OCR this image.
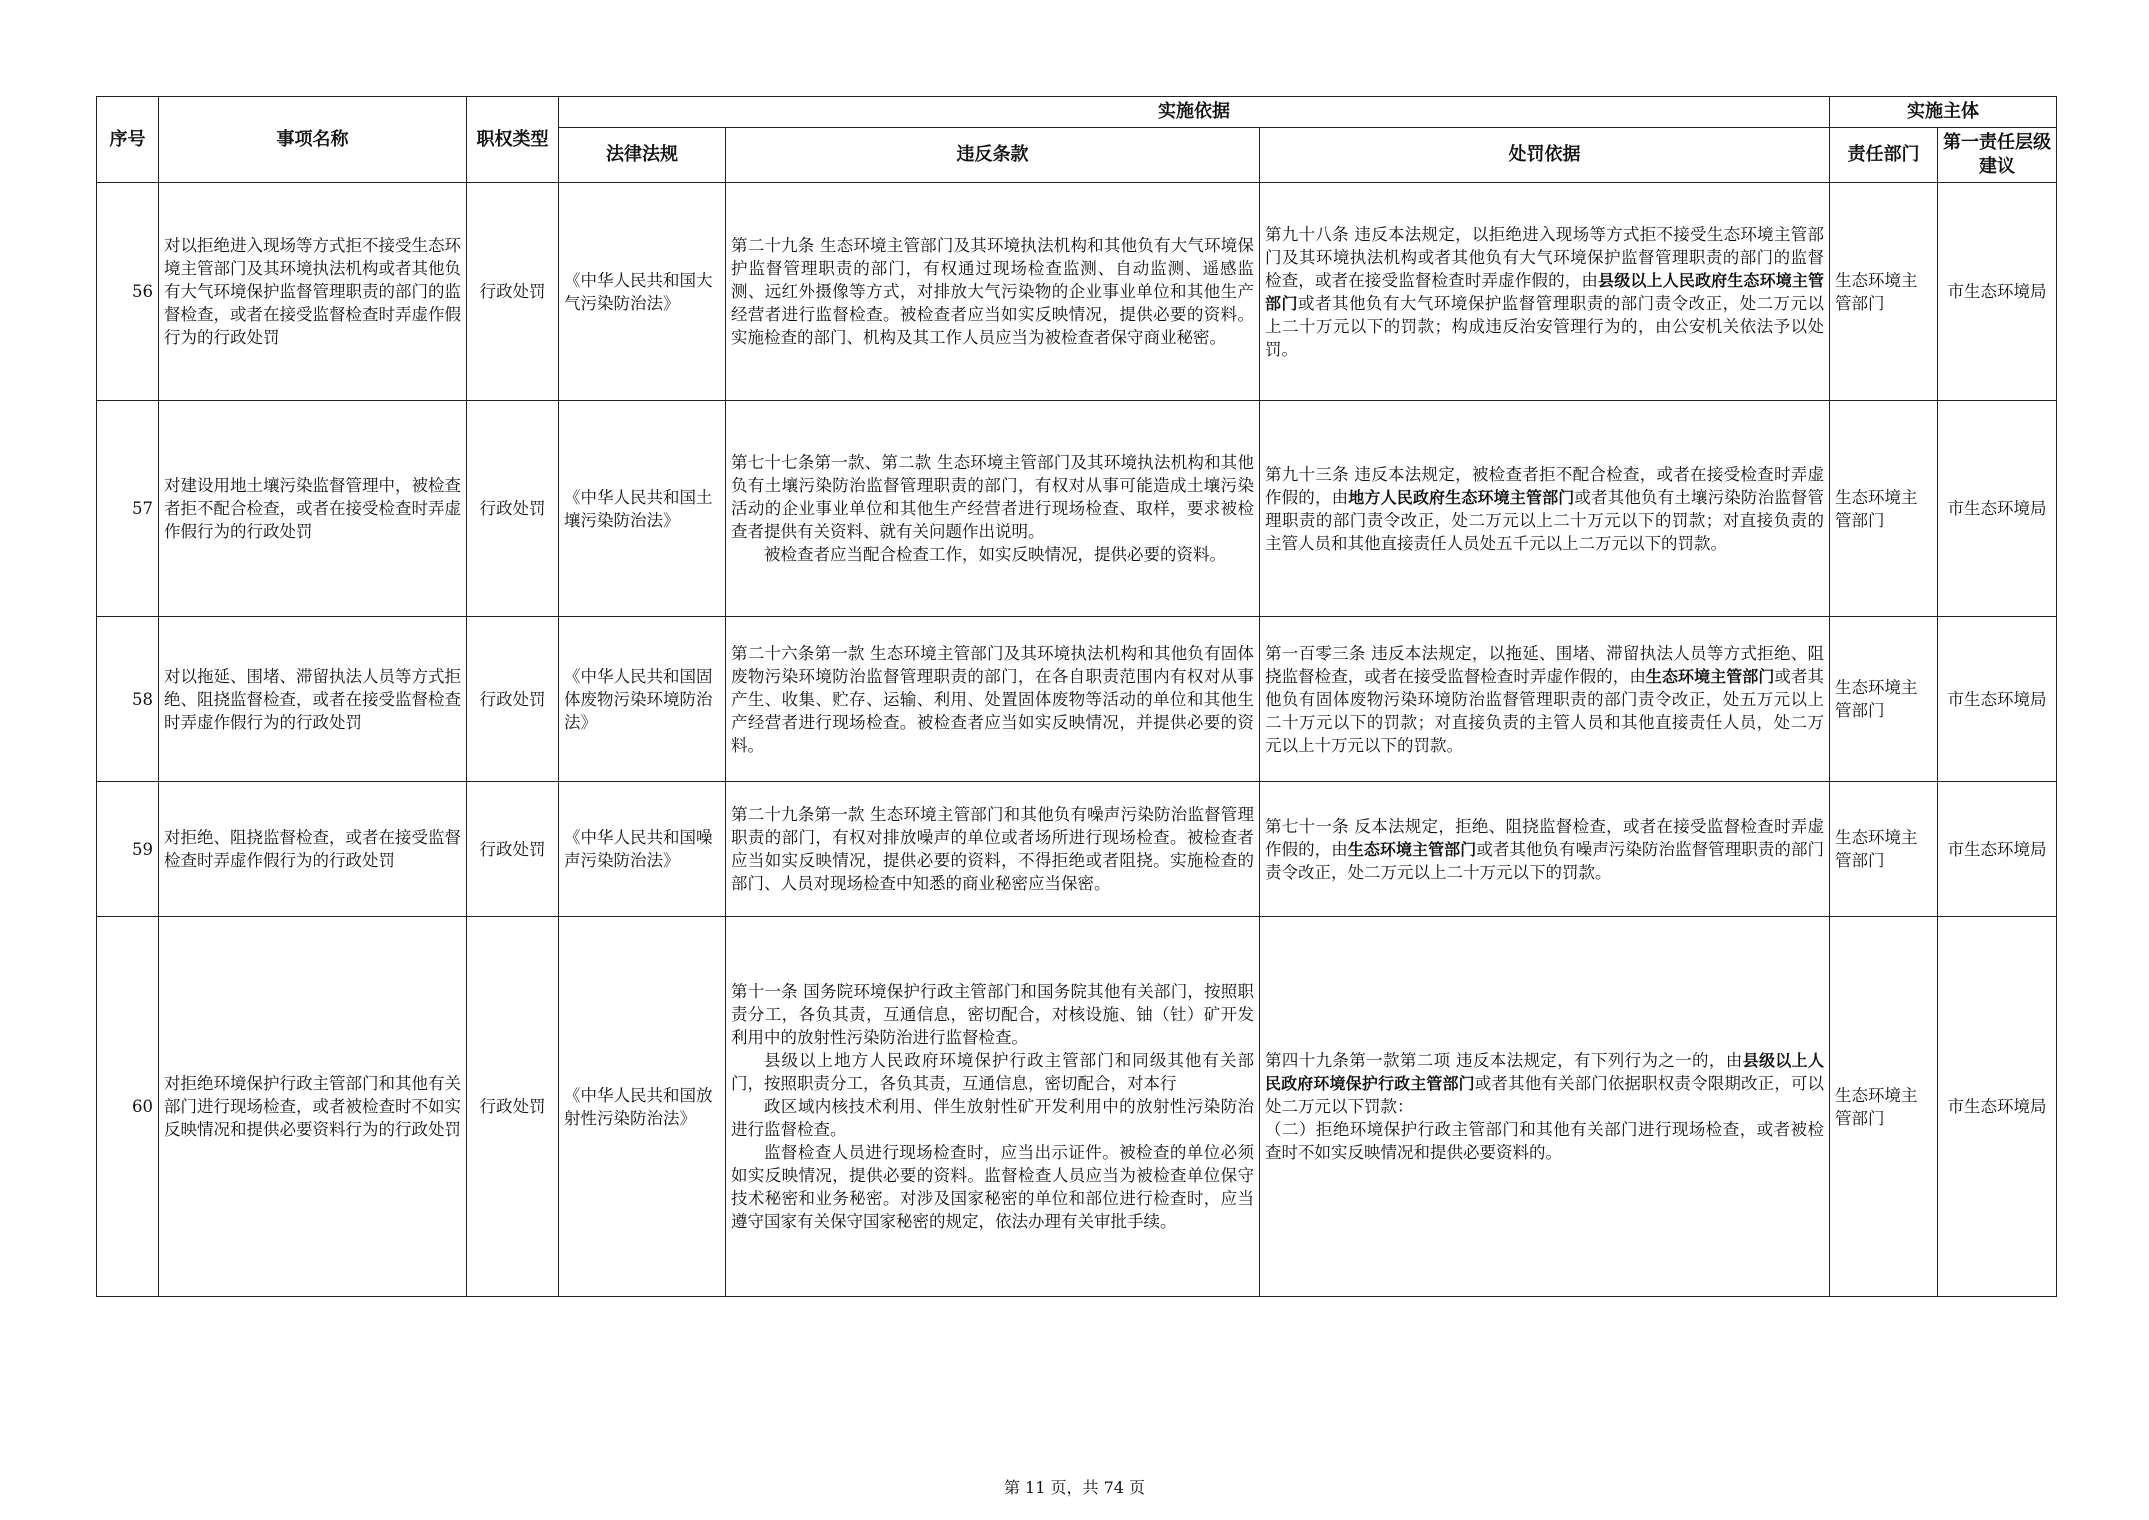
序号	事项名称	职权类型	实施依据			实施主体	
			法律法规	违反条款	处罚依据	责任部门	第一责任层级建议
56	对以拒绝进入现场等方式拒不接受生态环境主管部门及其环境执法机构或者其他负有大气环境保护监督管理职责的部门的监督检查，或者在接受监督检查时弄虚作假行为的行政处罚	行政处罚	《中华人民共和国大气污染防治法》	第二十九条 生态环境主管部门及其环境执法机构和其他负有大气环境保护监督管理职责的部门，有权通过现场检查监测、自动监测、遥感监测、远红外摄像等方式，对排放大气污染物的企业事业单位和其他生产经营者进行监督检查。被检查者应当如实反映情况，提供必要的资料。实施检查的部门、机构及其工作人员应当为被检查者保守商业秘密。	第九十八条 违反本法规定，以拒绝进入现场等方式拒不接受生态环境主管部门及其环境执法机构或者其他负有大气环境保护监督管理职责的部门的监督检查，或者在接受监督检查时弄虚作假的，由县级以上人民政府生态环境主管部门或者其他负有大气环境保护监督管理职责的部门责令改正，处二万元以上二十万元以下的罚款；构成违反治安管理行为的，由公安机关依法予以处罚。	生态环境主管部门	市生态环境局
57	对建设用地土壤污染监督管理中，被检查者拒不配合检查，或者在接受检查时弄虚作假行为的行政处罚	行政处罚	《中华人民共和国土壤污染防治法》	第七十七条第一款、第二款 生态环境主管部门及其环境执法机构和其他负有土壤污染防治监督管理职责的部门，有权对从事可能造成土壤污染活动的企业事业单位和其他生产经营者进行现场检查、取样，要求被检查者提供有关资料、就有关问题作出说明。
被检查者应当配合检查工作，如实反映情况，提供必要的资料。	第九十三条 违反本法规定，被检查者拒不配合检查，或者在接受检查时弄虚作假的，由地方人民政府生态环境主管部门或者其他负有土壤污染防治监督管理职责的部门责令改正，处二万元以上二十万元以下的罚款；对直接负责的主管人员和其他直接责任人员处五千元以上二万元以下的罚款。	生态环境主管部门	市生态环境局
58	对以拖延、围堵、滞留执法人员等方式拒绝、阻挠监督检查，或者在接受监督检查时弄虚作假行为的行政处罚	行政处罚	《中华人民共和国固体废物污染环境防治法》	第二十六条第一款 生态环境主管部门及其环境执法机构和其他负有固体废物污染环境防治监督管理职责的部门，在各自职责范围内有权对从事产生、收集、贮存、运输、利用、处置固体废物等活动的单位和其他生产经营者进行现场检查。被检查者应当如实反映情况，并提供必要的资料。	第一百零三条 违反本法规定，以拖延、围堵、滞留执法人员等方式拒绝、阻挠监督检查，或者在接受监督检查时弄虚作假的，由生态环境主管部门或者其他负有固体废物污染环境防治监督管理职责的部门责令改正，处五万元以上二十万元以下的罚款；对直接负责的主管人员和其他直接责任人员，处二万元以上十万元以下的罚款。	生态环境主管部门	市生态环境局
59	对拒绝、阻挠监督检查，或者在接受监督检查时弄虚作假行为的行政处罚	行政处罚	《中华人民共和国噪声污染防治法》	第二十九条第一款 生态环境主管部门和其他负有噪声污染防治监督管理职责的部门，有权对排放噪声的单位或者场所进行现场检查。被检查者应当如实反映情况，提供必要的资料，不得拒绝或者阻挠。实施检查的部门、人员对现场检查中知悉的商业秘密应当保密。	第七十一条 反本法规定，拒绝、阻挠监督检查，或者在接受监督检查时弄虚作假的，由生态环境主管部门或者其他负有噪声污染防治监督管理职责的部门责令改正，处二万元以上二十万元以下的罚款。	生态环境主管部门	市生态环境局
60	对拒绝环境保护行政主管部门和其他有关部门进行现场检查，或者被检查时不如实反映情况和提供必要资料行为的行政处罚	行政处罚	《中华人民共和国放射性污染防治法》	第十一条 国务院环境保护行政主管部门和国务院其他有关部门，按照职责分工，各负其责，互通信息，密切配合，对核设施、铀（钍）矿开发利用中的放射性污染防治进行监督检查。
县级以上地方人民政府环境保护行政主管部门和同级其他有关部门，按照职责分工，各负其责，互通信息，密切配合，对本行
政区域内核技术利用、伴生放射性矿开发利用中的放射性污染防治进行监督检查。
监督检查人员进行现场检查时，应当出示证件。被检查的单位必须如实反映情况，提供必要的资料。监督检查人员应当为被检查单位保守技术秘密和业务秘密。对涉及国家秘密的单位和部位进行检查时，应当遵守国家有关保守国家秘密的规定，依法办理有关审批手续。	第四十九条第一款第二项 违反本法规定，有下列行为之一的，由县级以上人民政府环境保护行政主管部门或者其他有关部门依据职权责令限期改正，可以处二万元以下罚款：
（二）拒绝环境保护行政主管部门和其他有关部门进行现场检查，或者被检查时不如实反映情况和提供必要资料的。	生态环境主管部门	市生态环境局
第 11 页，共 74 页
